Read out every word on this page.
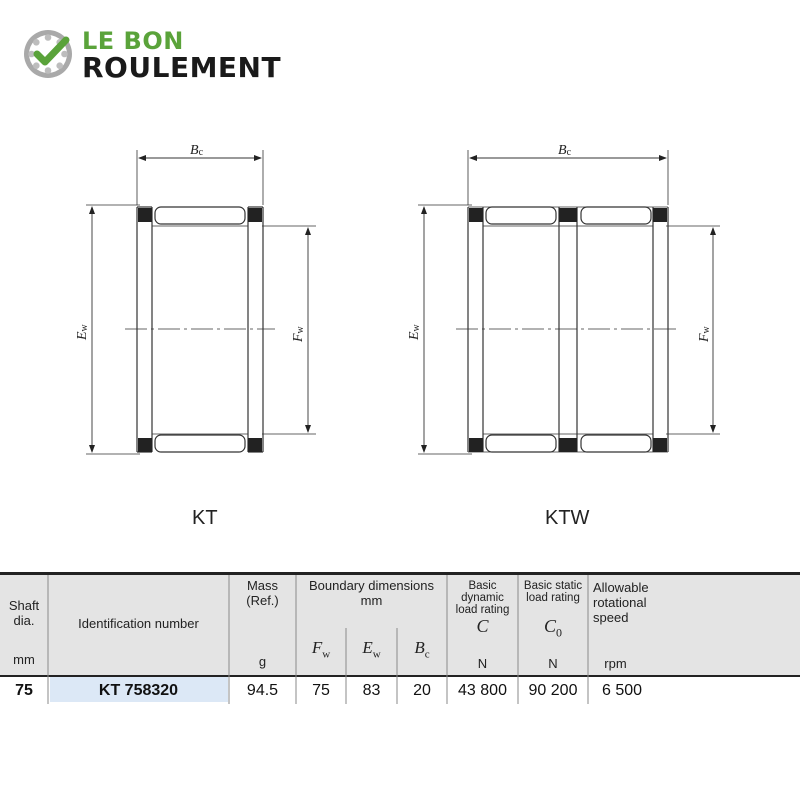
LE BON
ROULEMENT
Bc
Ew
Fw
Bc
Ew
Fw
KT	KTW
Shaft
dia.
mm
Identification number
Mass
(Ref.)
g
Boundary dimensions
mm
$F_w$	$E_w$	$B_c$
Basic dynamic
load rating
C
N
Basic static
load rating
$C_0$
N
Allowable
rotational
speed
rpm
75	KT 758320	94.5	75	83	20	43 800	90 200	6 500
